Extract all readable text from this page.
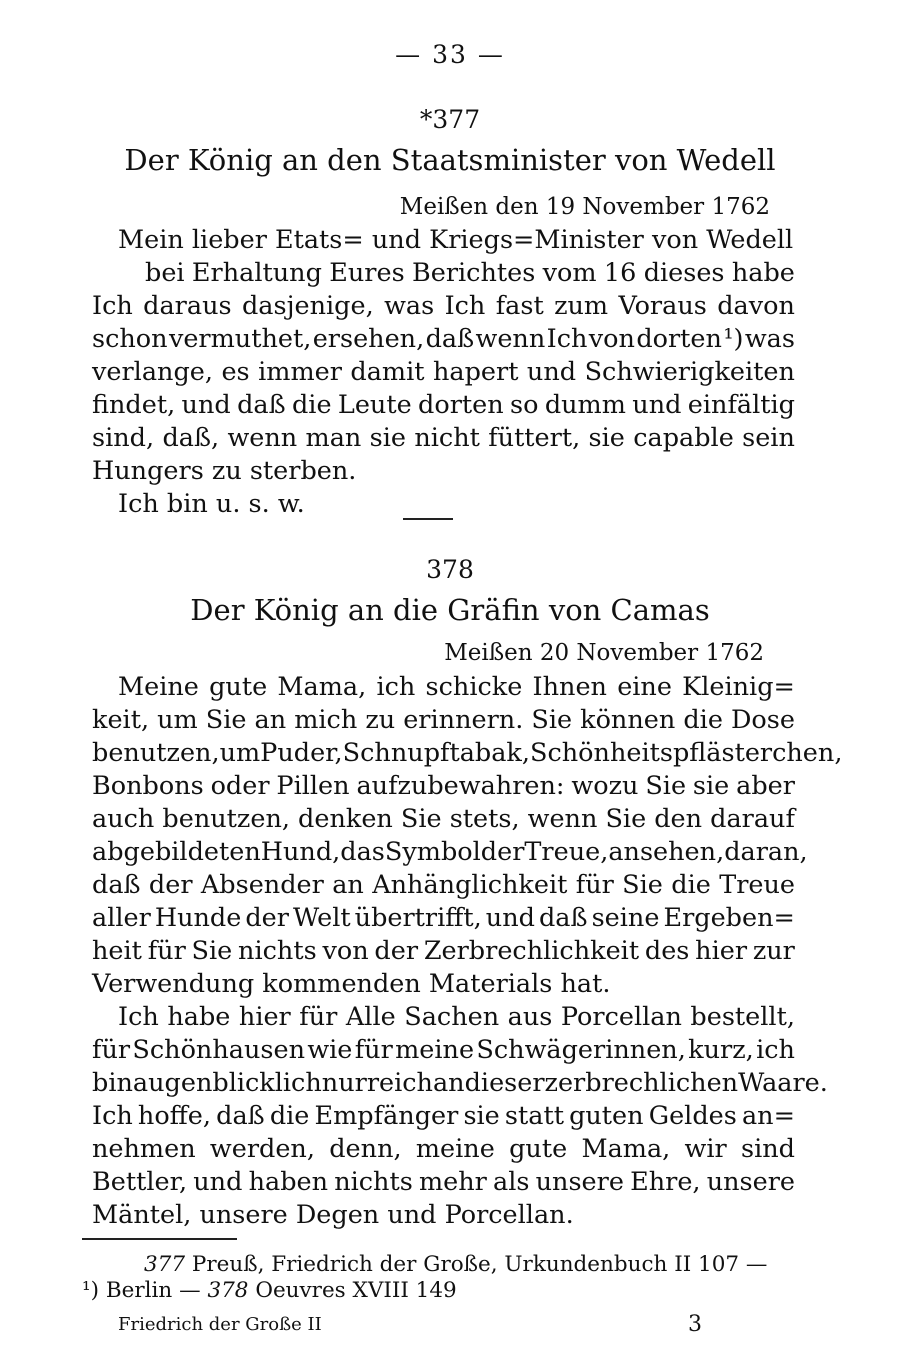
— 33 —
*377
Der König an den Staatsminister von Wedell
Meißen den 19 November 1762
Mein lieber Etats= und Kriegs=Minister von Wedell
bei Erhaltung Eures Berichtes vom 16 dieses habe
Ich daraus dasjenige, was Ich fast zum Voraus davon
schon vermuthet, ersehen, daß wenn Ich von dorten ¹) was
verlange, es immer damit hapert und Schwierigkeiten
findet, und daß die Leute dorten so dumm und einfältig
sind, daß, wenn man sie nicht füttert, sie capable sein
Hungers zu sterben.
Ich bin u. s. w.
378
Der König an die Gräfin von Camas
Meißen 20 November 1762
Meine gute Mama, ich schicke Ihnen eine Kleinig=
keit, um Sie an mich zu erinnern. Sie können die Dose
benutzen, um Puder, Schnupftabak, Schönheitspflästerchen,
Bonbons oder Pillen aufzubewahren: wozu Sie sie aber
auch benutzen, denken Sie stets, wenn Sie den darauf
abgebildeten Hund, das Symbol der Treue, ansehen, daran,
daß der Absender an Anhänglichkeit für Sie die Treue
aller Hunde der Welt übertrifft, und daß seine Ergeben=
heit für Sie nichts von der Zerbrechlichkeit des hier zur
Verwendung kommenden Materials hat.
Ich habe hier für Alle Sachen aus Porcellan bestellt,
für Schönhausen wie für meine Schwägerinnen, kurz, ich
bin augenblicklich nur reich an dieser zerbrechlichen Waare.
Ich hoffe, daß die Empfänger sie statt guten Geldes an=
nehmen werden, denn, meine gute Mama, wir sind
Bettler, und haben nichts mehr als unsere Ehre, unsere
Mäntel, unsere Degen und Porcellan.
377 Preuß, Friedrich der Große, Urkundenbuch II 107 —
¹) Berlin — 378 Oeuvres XVIII 149
Friedrich der Große II	3
